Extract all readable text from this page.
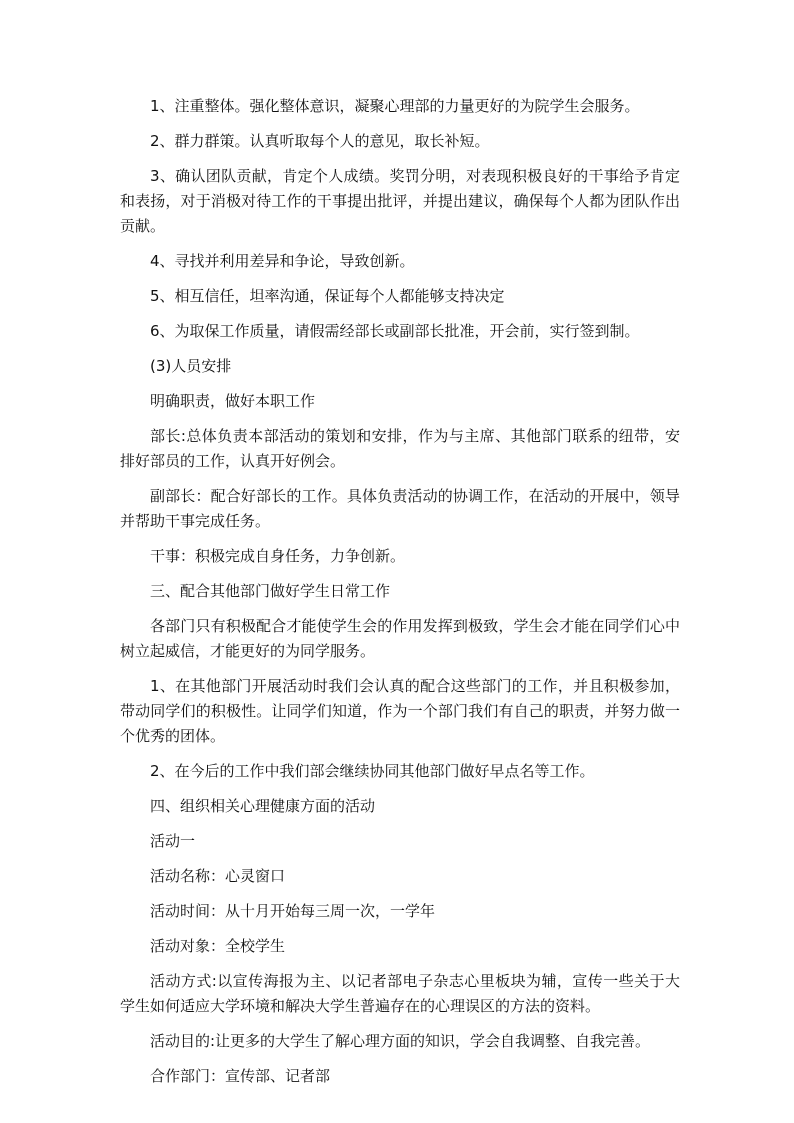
1、注重整体。强化整体意识，凝聚心理部的力量更好的为院学生会服务。

2、群力群策。认真听取每个人的意见，取长补短。

3、确认团队贡献，肯定个人成绩。奖罚分明，对表现积极良好的干事给予肯定和表扬，对于消极对待工作的干事提出批评，并提出建议，确保每个人都为团队作出贡献。

4、寻找并利用差异和争论，导致创新。

5、相互信任，坦率沟通，保证每个人都能够支持决定

6、为取保工作质量，请假需经部长或副部长批准，开会前，实行签到制。

(3)人员安排

明确职责，做好本职工作

部长:总体负责本部活动的策划和安排，作为与主席、其他部门联系的纽带，安排好部员的工作，认真开好例会。

副部长：配合好部长的工作。具体负责活动的协调工作，在活动的开展中，领导并帮助干事完成任务。

干事：积极完成自身任务，力争创新。

三、配合其他部门做好学生日常工作

各部门只有积极配合才能使学生会的作用发挥到极致，学生会才能在同学们心中树立起威信，才能更好的为同学服务。

1、在其他部门开展活动时我们会认真的配合这些部门的工作，并且积极参加，带动同学们的积极性。让同学们知道，作为一个部门我们有自己的职责，并努力做一个优秀的团体。

2、在今后的工作中我们部会继续协同其他部门做好早点名等工作。

四、组织相关心理健康方面的活动

活动一

活动名称：心灵窗口

活动时间：从十月开始每三周一次，一学年

活动对象：全校学生

活动方式:以宣传海报为主、以记者部电子杂志心里板块为辅，宣传一些关于大学生如何适应大学环境和解决大学生普遍存在的心理误区的方法的资料。

活动目的:让更多的大学生了解心理方面的知识，学会自我调整、自我完善。

合作部门：宣传部、记者部
